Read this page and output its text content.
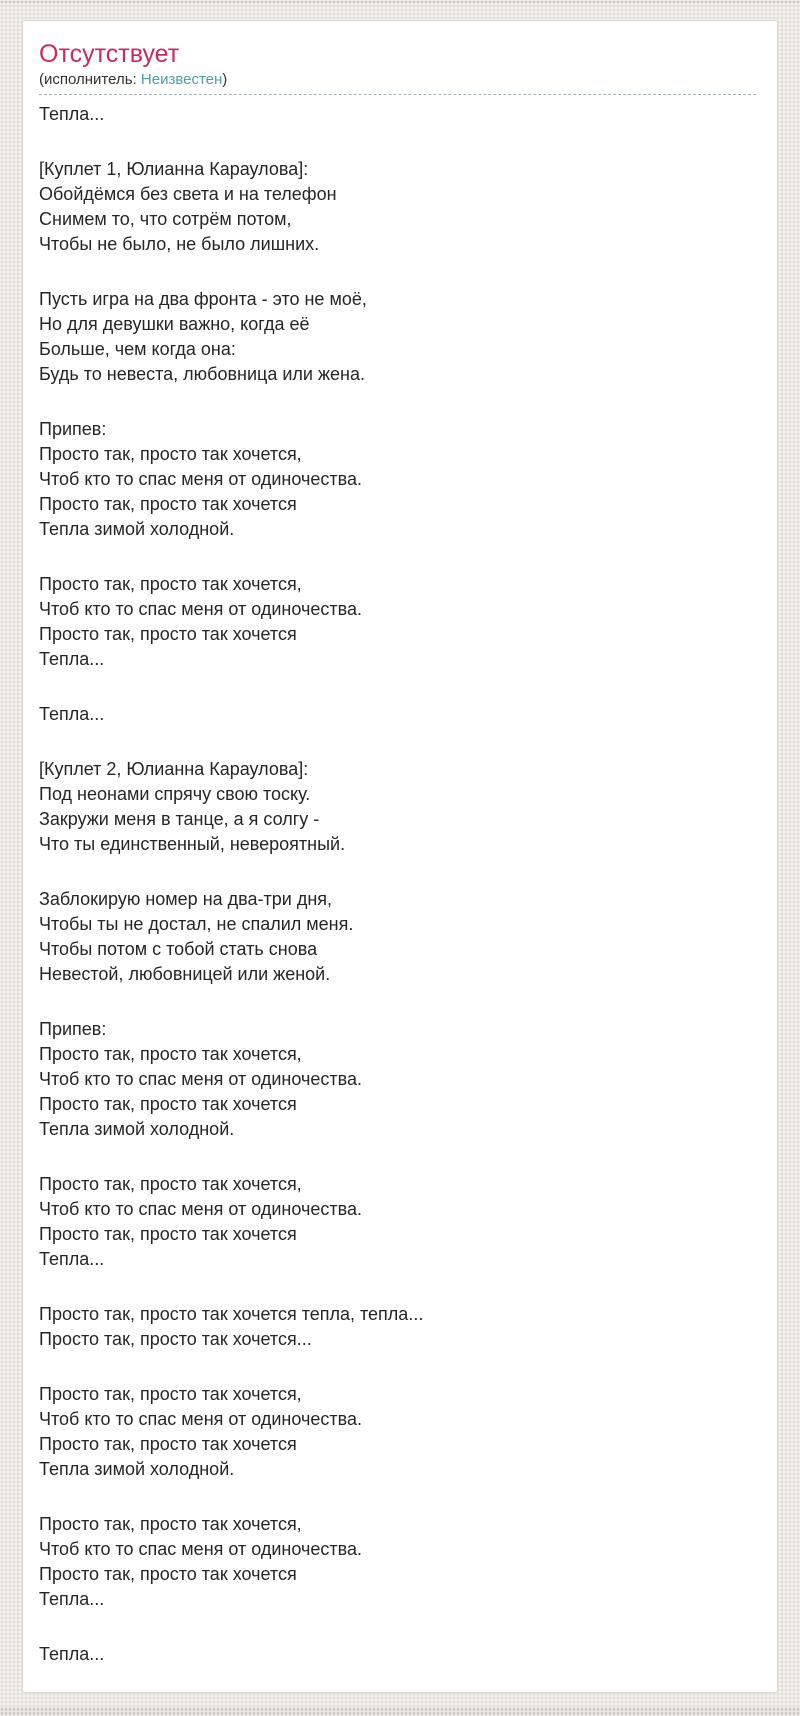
Отсутствует
(исполнитель: Неизвестен)

Тепла...

[Куплет 1, Юлианна Караулова]:
Обойдёмся без света и на телефон
Снимем то, что сотрём потом,
Чтобы не было, не было лишних.

Пусть игра на два фронта - это не моё,
Но для девушки важно, когда её
Больше, чем когда она:
Будь то невеста, любовница или жена.

Припев:
Просто так, просто так хочется,
Чтоб кто то спас меня от одиночества.
Просто так, просто так хочется
Тепла зимой холодной.

Просто так, просто так хочется,
Чтоб кто то спас меня от одиночества.
Просто так, просто так хочется
Тепла...

Тепла...

[Куплет 2, Юлианна Караулова]:
Под неонами спрячу свою тоску.
Закружи меня в танце, а я солгу -
Что ты единственный, невероятный.

Заблокирую номер на два-три дня,
Чтобы ты не достал, не спалил меня.
Чтобы потом с тобой стать снова
Невестой, любовницей или женой.

Припев:
Просто так, просто так хочется,
Чтоб кто то спас меня от одиночества.
Просто так, просто так хочется
Тепла зимой холодной.

Просто так, просто так хочется,
Чтоб кто то спас меня от одиночества.
Просто так, просто так хочется
Тепла...

Просто так, просто так хочется тепла, тепла...
Просто так, просто так хочется...

Просто так, просто так хочется,
Чтоб кто то спас меня от одиночества.
Просто так, просто так хочется
Тепла зимой холодной.

Просто так, просто так хочется,
Чтоб кто то спас меня от одиночества.
Просто так, просто так хочется
Тепла...

Тепла...
